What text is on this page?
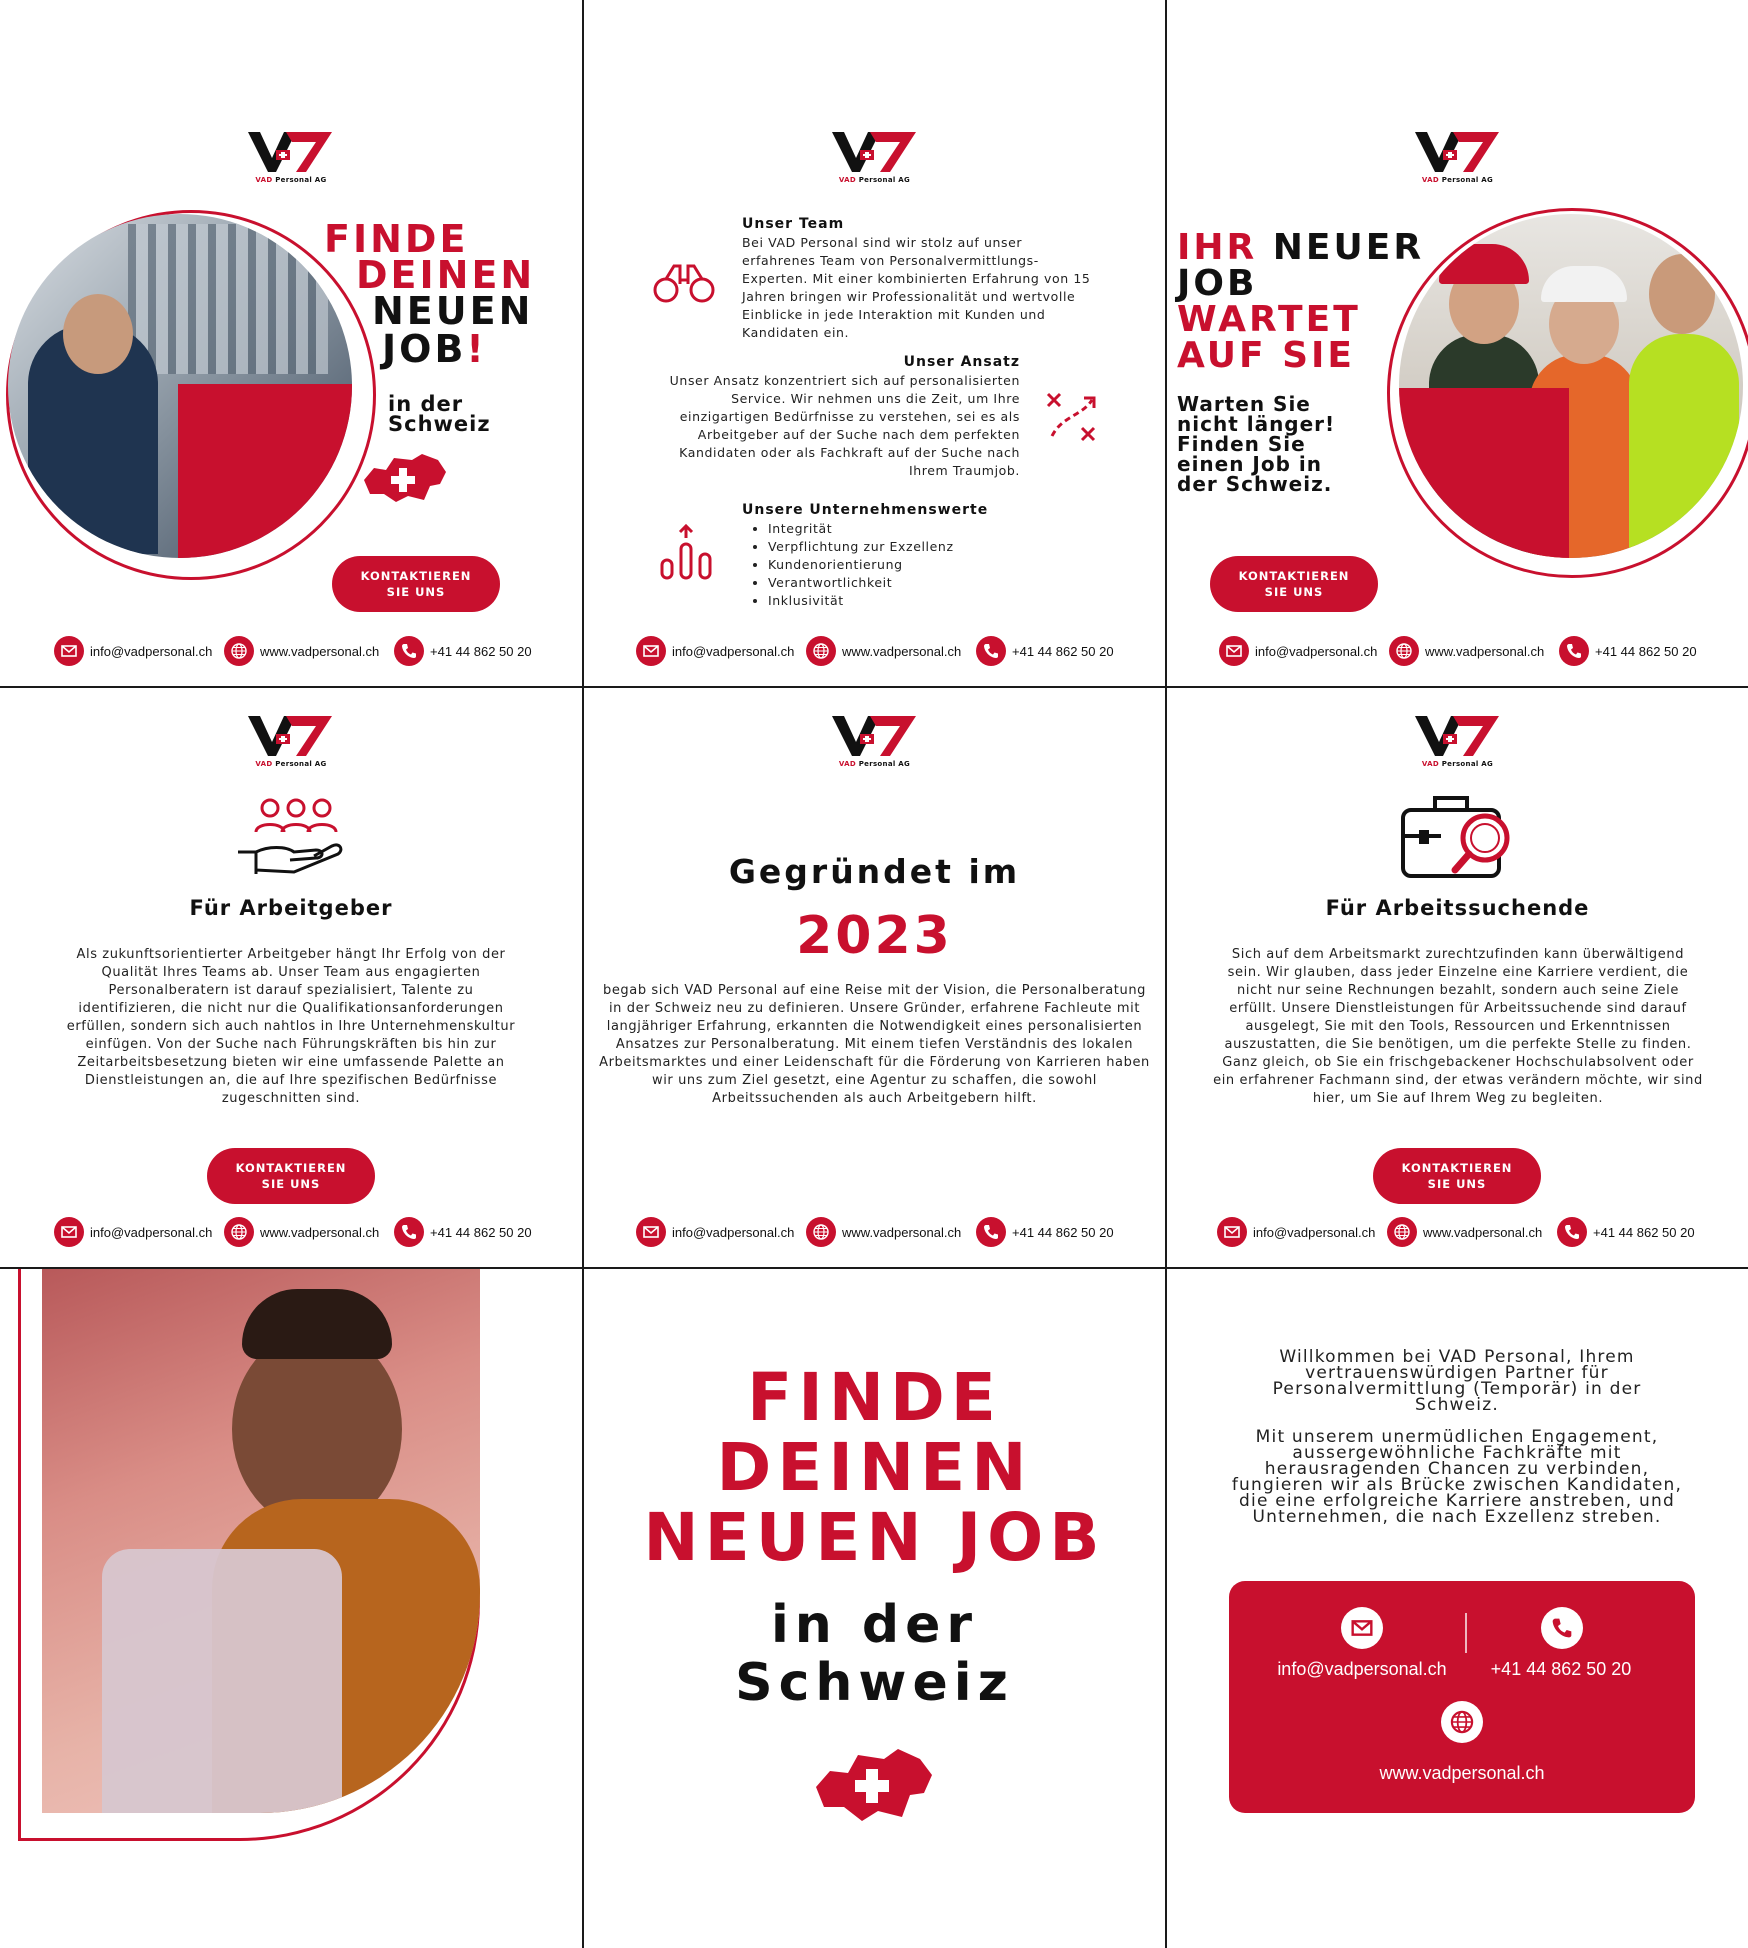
VAD Personal AG
FINDE
DEINEN
NEUEN
JOB!
in der
Schweiz
KONTAKTIEREN SIE UNS
info@vadpersonal.ch	www.vadpersonal.ch	+41 44 862 50 20
VAD Personal AG
Unser Team
Bei VAD Personal sind wir stolz auf unser erfahrenes Team von Personalvermittlungs-Experten. Mit einer kombinierten Erfahrung von 15 Jahren bringen wir Professionalität und wertvolle Einblicke in jede Interaktion mit Kunden und Kandidaten ein.
Unser Ansatz
Unser Ansatz konzentriert sich auf personalisierten Service. Wir nehmen uns die Zeit, um Ihre einzigartigen Bedürfnisse zu verstehen, sei es als Arbeitgeber auf der Suche nach dem perfekten Kandidaten oder als Fachkraft auf der Suche nach Ihrem Traumjob.
Unsere Unternehmenswerte
• Integrität
• Verpflichtung zur Exzellenz
• Kundenorientierung
• Verantwortlichkeit
• Inklusivität
info@vadpersonal.ch	www.vadpersonal.ch	+41 44 862 50 20
VAD Personal AG
IHR NEUER
JOB
WARTET
AUF SIE
Warten Sie
nicht länger!
Finden Sie
einen Job in
der Schweiz.
KONTAKTIEREN SIE UNS
info@vadpersonal.ch	www.vadpersonal.ch	+41 44 862 50 20
VAD Personal AG
Für Arbeitgeber
Als zukunftsorientierter Arbeitgeber hängt Ihr Erfolg von der Qualität Ihres Teams ab. Unser Team aus engagierten Personalberatern ist darauf spezialisiert, Talente zu identifizieren, die nicht nur die Qualifikationsanforderungen erfüllen, sondern sich auch nahtlos in Ihre Unternehmenskultur einfügen. Von der Suche nach Führungskräften bis hin zur Zeitarbeitsbesetzung bieten wir eine umfassende Palette an Dienstleistungen an, die auf Ihre spezifischen Bedürfnisse zugeschnitten sind.
KONTAKTIEREN SIE UNS
info@vadpersonal.ch	www.vadpersonal.ch	+41 44 862 50 20
VAD Personal AG
Gegründet im
2023
begab sich VAD Personal auf eine Reise mit der Vision, die Personalberatung in der Schweiz neu zu definieren. Unsere Gründer, erfahrene Fachleute mit langjähriger Erfahrung, erkannten die Notwendigkeit eines personalisierten Ansatzes zur Personalberatung. Mit einem tiefen Verständnis des lokalen Arbeitsmarktes und einer Leidenschaft für die Förderung von Karrieren haben wir uns zum Ziel gesetzt, eine Agentur zu schaffen, die sowohl Arbeitssuchenden als auch Arbeitgebern hilft.
info@vadpersonal.ch	www.vadpersonal.ch	+41 44 862 50 20
VAD Personal AG
Für Arbeitssuchende
Sich auf dem Arbeitsmarkt zurechtzufinden kann überwältigend sein. Wir glauben, dass jeder Einzelne eine Karriere verdient, die nicht nur seine Rechnungen bezahlt, sondern auch seine Ziele erfüllt. Unsere Dienstleistungen für Arbeitssuchende sind darauf ausgelegt, Sie mit den Tools, Ressourcen und Erkenntnissen auszustatten, die Sie benötigen, um die perfekte Stelle zu finden. Ganz gleich, ob Sie ein frischgebackener Hochschulabsolvent oder ein erfahrener Fachmann sind, der etwas verändern möchte, wir sind hier, um Sie auf Ihrem Weg zu begleiten.
KONTAKTIEREN SIE UNS
info@vadpersonal.ch	www.vadpersonal.ch	+41 44 862 50 20
FINDE
DEINEN
NEUEN JOB
in der
Schweiz
Willkommen bei VAD Personal, Ihrem vertrauenswürdigen Partner für Personalvermittlung (Temporär) in der Schweiz.
Mit unserem unermüdlichen Engagement, aussergewöhnliche Fachkräfte mit herausragenden Chancen zu verbinden, fungieren wir als Brücke zwischen Kandidaten, die eine erfolgreiche Karriere anstreben, und Unternehmen, die nach Exzellenz streben.
info@vadpersonal.ch	+41 44 862 50 20
www.vadpersonal.ch
